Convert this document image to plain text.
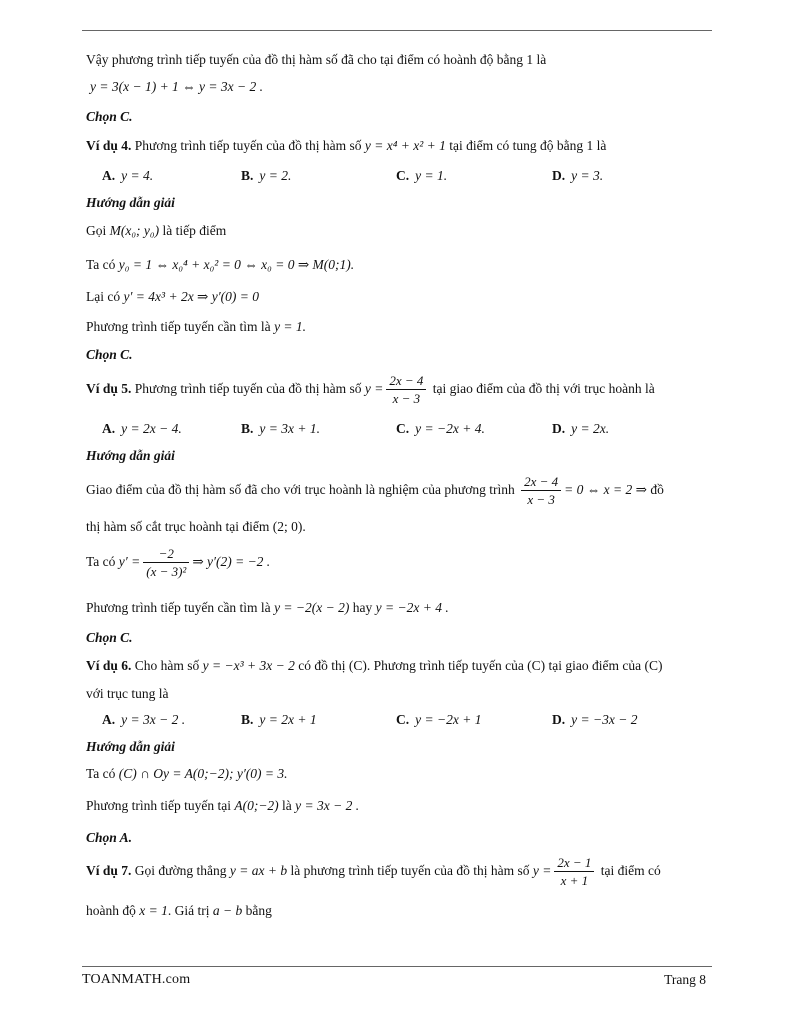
Vậy phương trình tiếp tuyến của đồ thị hàm số đã cho tại điểm có hoành độ bằng 1 là
y = 3(x − 1) + 1 ⇔ y = 3x − 2 .
Chọn C.
Ví dụ 4. Phương trình tiếp tuyến của đồ thị hàm số y = x⁴ + x² + 1 tại điểm có tung độ bằng 1 là
A. y = 4.	B. y = 2.	C. y = 1.	D. y = 3.
Hướng dẫn giải
Gọi M(x₀; y₀) là tiếp điểm
Ta có y₀ = 1 ⇔ x₀⁴ + x₀² = 0 ⇔ x₀ = 0 ⇒ M(0;1).
Lại có y′ = 4x³ + 2x ⇒ y′(0) = 0
Phương trình tiếp tuyến cần tìm là y = 1.
Chọn C.
Ví dụ 5. Phương trình tiếp tuyến của đồ thị hàm số $y = \frac{2x - 4}{x - 3}$ tại giao điểm của đồ thị với trục hoành là
A. y = 2x − 4.	B. y = 3x + 1.	C. y = −2x + 4.	D. y = 2x.
Hướng dẫn giải
Giao điểm của đồ thị hàm số đã cho với trục hoành là nghiệm của phương trình $\frac{2x - 4}{x - 3} = 0$ ⇔ x = 2 ⇒ đồ
thị hàm số cắt trục hoành tại điểm (2; 0).
Ta có $y' = \frac{-2}{\text{(x − 3)²}}$ ⇒ y′(2) = −2 .
Phương trình tiếp tuyến cần tìm là y = −2(x − 2) hay y = −2x + 4 .
Chọn C.
Ví dụ 6. Cho hàm số y = −x³ + 3x − 2 có đồ thị (C). Phương trình tiếp tuyến của (C) tại giao điểm của (C)
với trục tung là
A. y = 3x − 2 .	B. y = 2x + 1	C. y = −2x + 1	D. y = −3x − 2
Hướng dẫn giải
Ta có (C) ∩ Oy = A(0;−2); y′(0) = 3.
Phương trình tiếp tuyến tại A(0;−2) là y = 3x − 2 .
Chọn A.
Ví dụ 7. Gọi đường thẳng y = ax + b là phương trình tiếp tuyến của đồ thị hàm số $y = \frac{2x - 1}{x + 1}$ tại điểm có
hoành độ x = 1. Giá trị a − b bằng
TOANMATH.com	Trang 8
